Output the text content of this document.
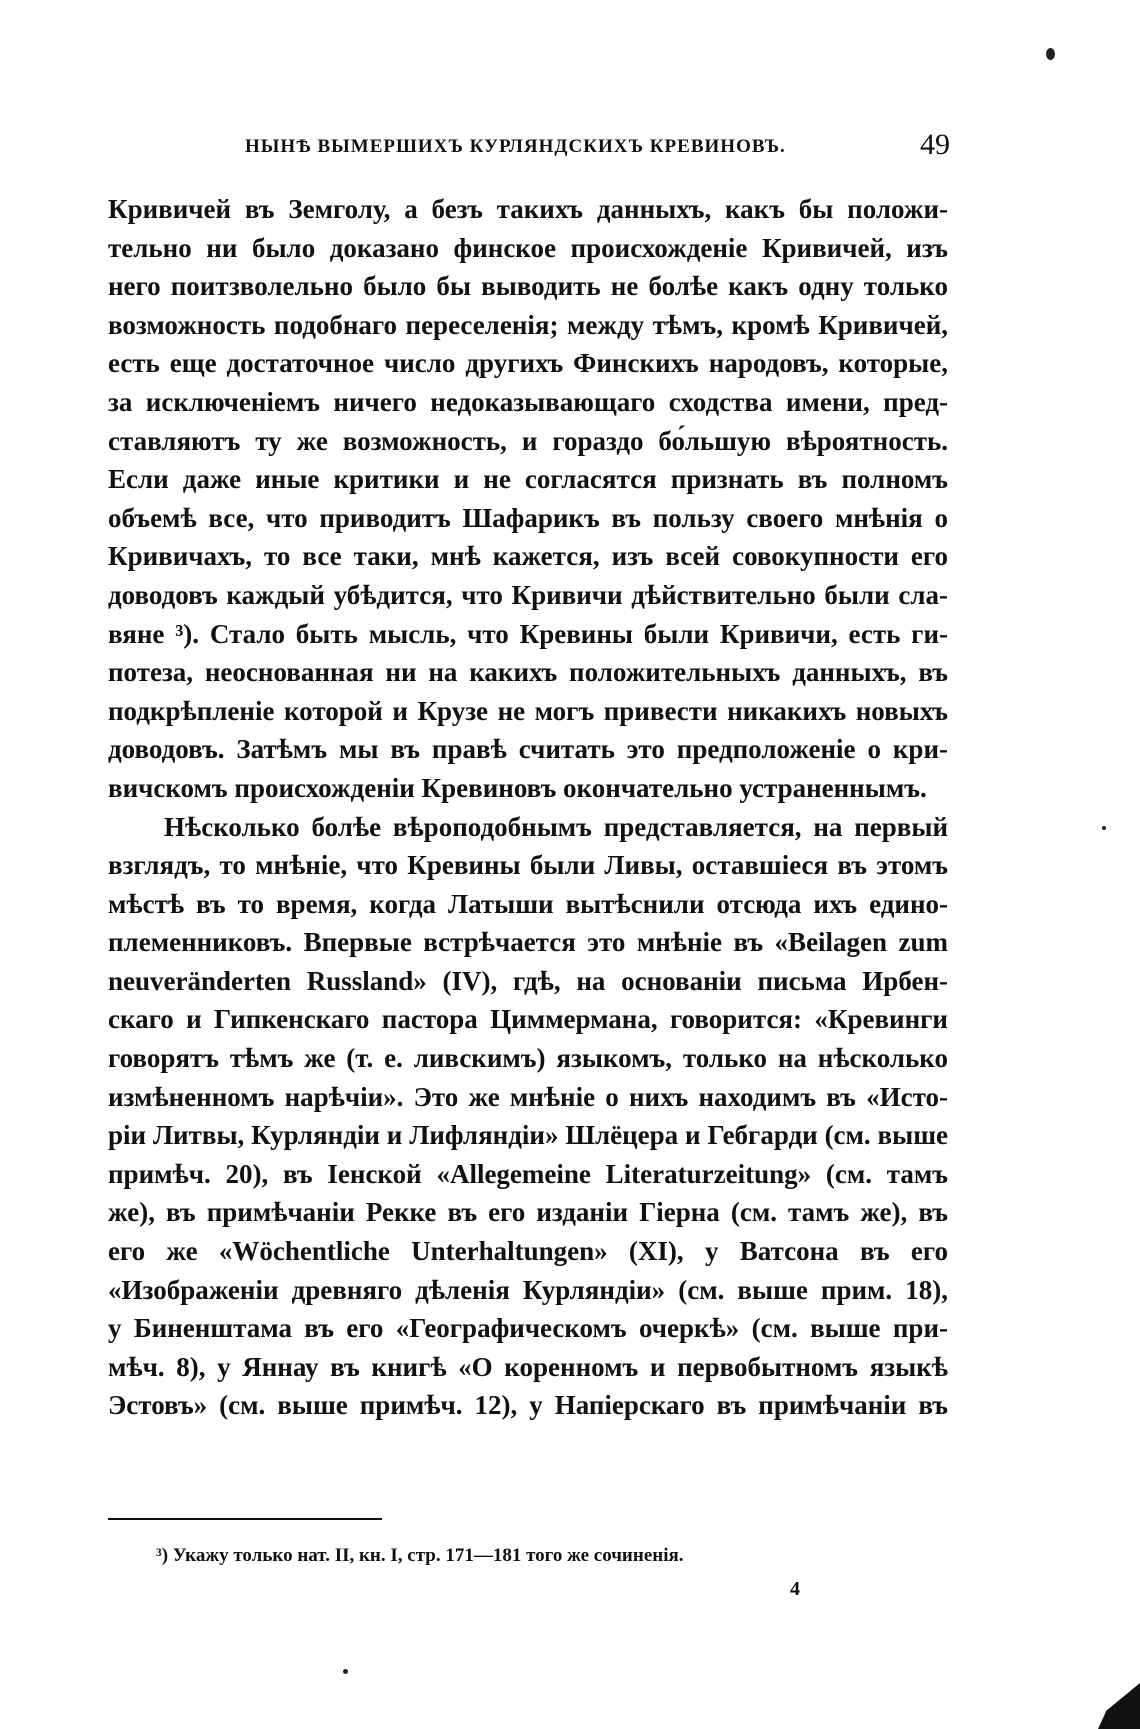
НЫНѢ ВЫМЕРШИХЪ КУРЛЯНДСКИХЪ КРЕВИНОВЪ.	49
Кривичей въ Земголу, а безъ такихъ данныхъ, какъ бы положи-
тельно ни было доказано финское происхожденіе Кривичей, изъ
него поитзволельно было бы выводить не болѣе какъ одну только
возможность подобнаго переселенія; между тѣмъ, кромѣ Кривичей,
есть еще достаточное число другихъ Финскихъ народовъ, которые,
за исключеніемъ ничего недоказывающаго сходства имени, пред-
ставляютъ ту же возможность, и гораздо бо́льшую вѣроятность.
Если даже иные критики и не согласятся признать въ полномъ
объемѣ все, что приводитъ Шафарикъ въ пользу своего мнѣнія о
Кривичахъ, то все таки, мнѣ кажется, изъ всей совокупности его
доводовъ каждый убѣдится, что Кривичи дѣйствительно были сла-
вяне ³). Стало быть мысль, что Кревины были Кривичи, есть ги-
потеза, неоснованная ни на какихъ положительныхъ данныхъ, въ
подкрѣпленіе которой и Крузе не могъ привести никакихъ новыхъ
доводовъ. Затѣмъ мы въ правѣ считать это предположеніе о кри-
вичскомъ происхожденіи Кревиновъ окончательно устраненнымъ.
Нѣсколько болѣе вѣроподобнымъ представляется, на первый
взглядъ, то мнѣніе, что Кревины были Ливы, оставшіеся въ этомъ
мѣстѣ въ то время, когда Латыши вытѣснили отсюда ихъ едино-
племенниковъ. Впервые встрѣчается это мнѣніе въ «Beilagen zum
neuveränderten Russland» (IV), гдѣ, на основаніи письма Ирбен-
скаго и Гипкенскаго пастора Циммермана, говорится: «Кревинги
говорятъ тѣмъ же (т. е. ливскимъ) языкомъ, только на нѣсколько
измѣненномъ нарѣчіи». Это же мнѣніе о нихъ находимъ въ «Исто-
ріи Литвы, Курляндіи и Лифляндіи» Шлёцера и Гебгарди (см. выше
примѣч. 20), въ Іенской «Allegemeine Literaturzeitung» (см. тамъ
же), въ примѣчаніи Рекке въ его изданіи Гіерна (см. тамъ же), въ
его же «Wöchentliche Unterhaltungen» (XI), у Ватсона въ его
«Изображеніи древняго дѣленія Курляндіи» (см. выше прим. 18),
у Биненштама въ его «Географическомъ очеркѣ» (см. выше при-
мѣч. 8), у Яннау въ книгѣ «О коренномъ и первобытномъ языкѣ
Эстовъ» (см. выше примѣч. 12), у Напіерскаго въ примѣчаніи въ
³) Укажу только нат. II, кн. I, стр. 171—181 того же сочиненія.
4
